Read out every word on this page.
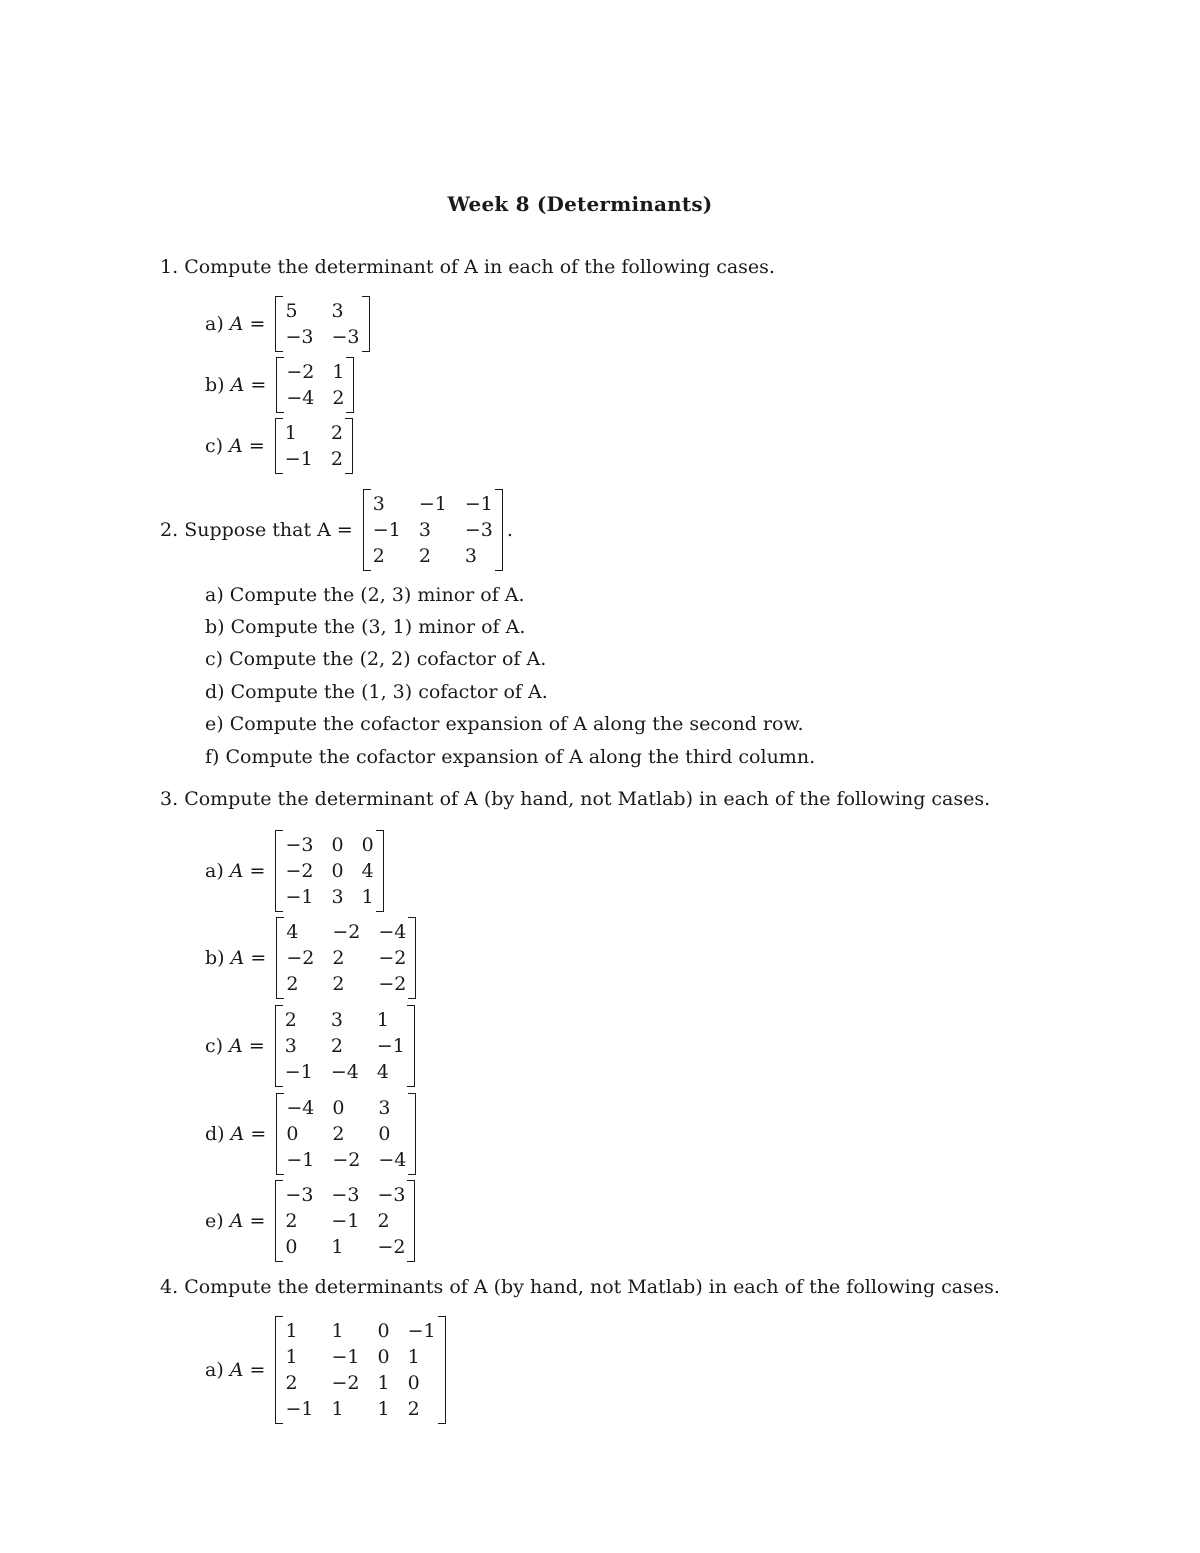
Week 8 (Determinants)
1. Compute the determinant of A in each of the following cases.
a)
A =
5	3
−3 −3
b)
A =
−2 1
−4 2
c)
A =
1	2
−1 2
2.
Suppose that A =
3	−1 −1
−1 3	−3
2	2	3
.
a) Compute the (2, 3) minor of A.
b) Compute the (3, 1) minor of A.
c) Compute the (2, 2) cofactor of A.
d) Compute the (1, 3) cofactor of A.
e) Compute the cofactor expansion of A along the second row.
f) Compute the cofactor expansion of A along the third column.
3. Compute the determinant of A (by hand, not Matlab) in each of the following cases.
a)
A =
−3 0 0
−2 0 4
−1 3 1
b)
A =
4	−2 −4
−2 2	−2
2	2	−2
c)
A =
2	3	1
3	2	−1
−1 −4 4
d)
A =
−4 0	3
0	2	0
−1 −2 −4
e)
A =
−3 −3 −3
2	−1 2
0	1	−2
4. Compute the determinants of A (by hand, not Matlab) in each of the following cases.
a)
A =
1	1	0 −1
1	−1 0 1
2	−2 1 0
−1 1	1 2
